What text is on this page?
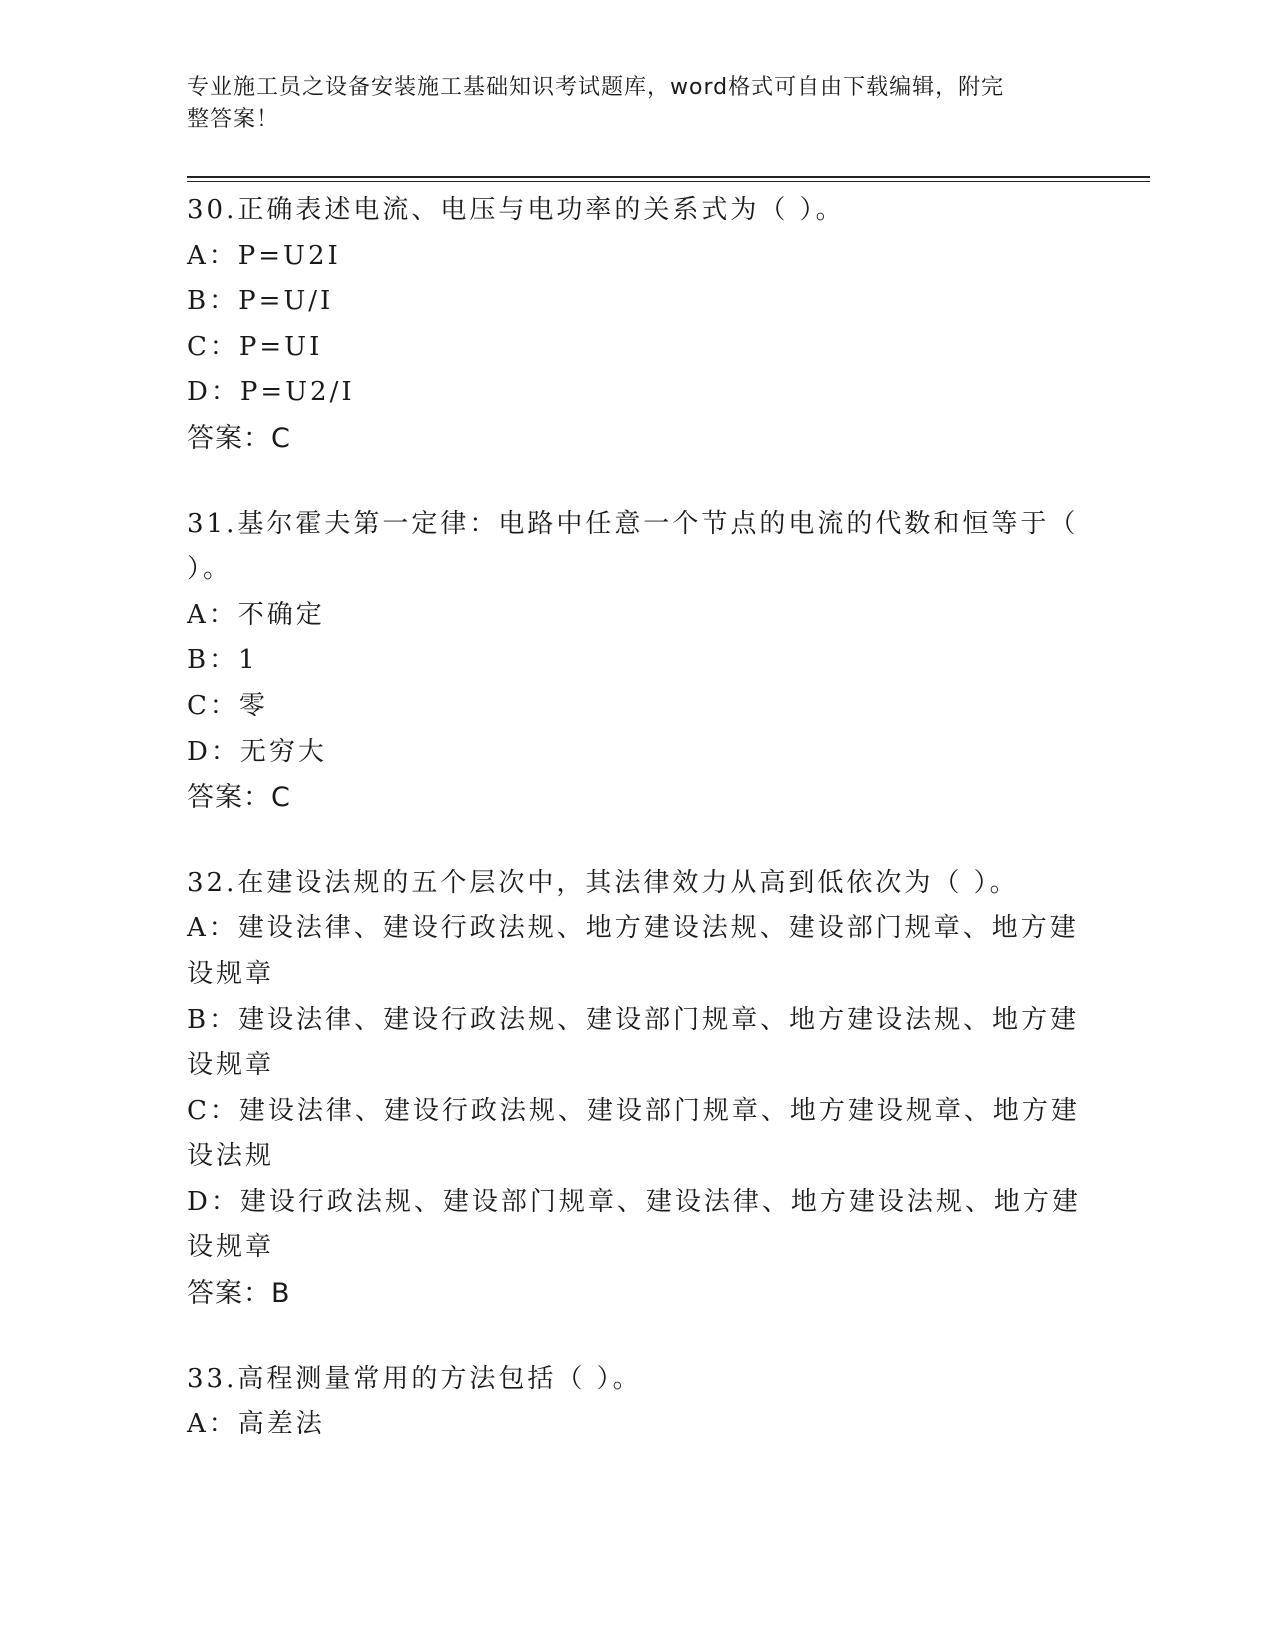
专业施工员之设备安装施工基础知识考试题库，word格式可自由下载编辑，附完
整答案！
30.正确表述电流、电压与电功率的关系式为（ ）。
A：P=U2I
B：P=U/I
C：P=UI
D：P=U2/I
答案：C
31.基尔霍夫第一定律：电路中任意一个节点的电流的代数和恒等于（
）。
A：不确定
B：1
C：零
D：无穷大
答案：C
32.在建设法规的五个层次中，其法律效力从高到低依次为（ ）。
A：建设法律、建设行政法规、地方建设法规、建设部门规章、地方建
设规章
B：建设法律、建设行政法规、建设部门规章、地方建设法规、地方建
设规章
C：建设法律、建设行政法规、建设部门规章、地方建设规章、地方建
设法规
D：建设行政法规、建设部门规章、建设法律、地方建设法规、地方建
设规章
答案：B
33.高程测量常用的方法包括（ ）。
A：高差法
